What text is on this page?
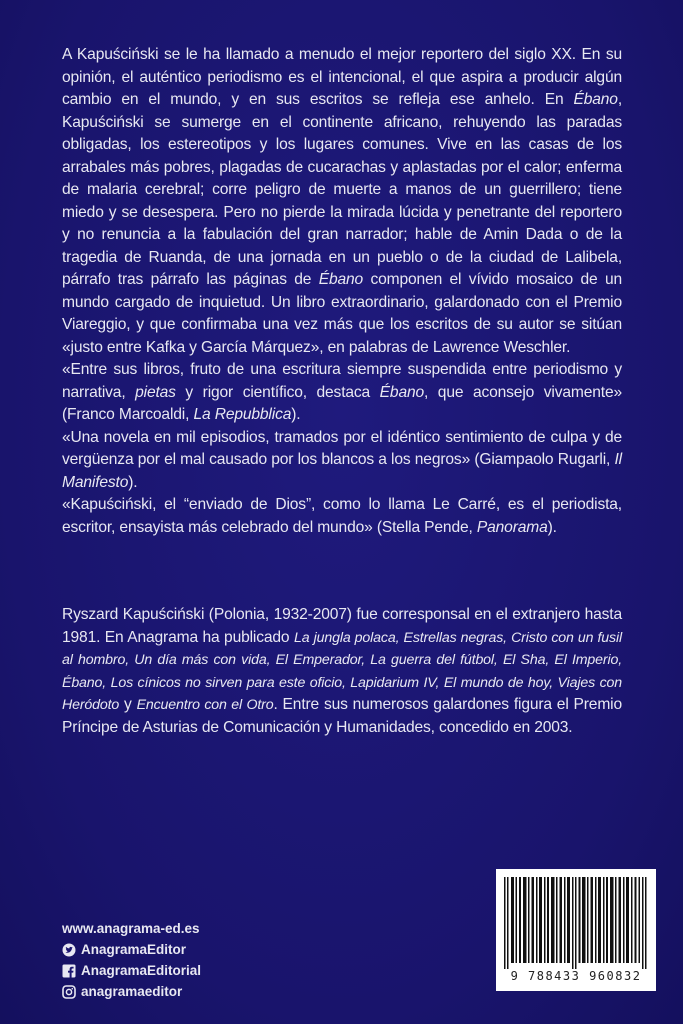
A Kapuściński se le ha llamado a menudo el mejor reportero del siglo XX. En su opinión, el auténtico periodismo es el intencional, el que aspira a producir algún cambio en el mundo, y en sus escritos se refleja ese anhelo. En Ébano, Kapuściński se sumerge en el continente africano, rehuyendo las paradas obligadas, los estereotipos y los lugares comunes. Vive en las casas de los arrabales más pobres, plagadas de cucarachas y aplastadas por el calor; enferma de malaria cerebral; corre peligro de muerte a manos de un guerrillero; tiene miedo y se desespera. Pero no pierde la mirada lúcida y penetrante del reportero y no renuncia a la fabulación del gran narrador; hable de Amin Dada o de la tragedia de Ruanda, de una jornada en un pueblo o de la ciudad de Lalibela, párrafo tras párrafo las páginas de Ébano componen el vívido mosaico de un mundo cargado de inquietud. Un libro extraordinario, galardonado con el Premio Viareggio, y que confirmaba una vez más que los escritos de su autor se sitúan «justo entre Kafka y García Márquez», en palabras de Lawrence Weschler.

«Entre sus libros, fruto de una escritura siempre suspendida entre periodismo y narrativa, pietas y rigor científico, destaca Ébano, que aconsejo vivamente» (Franco Marcoaldi, La Repubblica).

«Una novela en mil episodios, tramados por el idéntico sentimiento de culpa y de vergüenza por el mal causado por los blancos a los negros» (Giampaolo Rugarli, Il Manifesto).

«Kapuściński, el “enviado de Dios”, como lo llama Le Carré, es el periodista, escritor, ensayista más celebrado del mundo» (Stella Pende, Panorama).

Ryszard Kapuściński (Polonia, 1932-2007) fue corresponsal en el extranjero hasta 1981. En Anagrama ha publicado La jungla polaca, Estrellas negras, Cristo con un fusil al hombro, Un día más con vida, El Emperador, La guerra del fútbol, El Sha, El Imperio, Ébano, Los cínicos no sirven para este oficio, Lapidarium IV, El mundo de hoy, Viajes con Heródoto y Encuentro con el Otro. Entre sus numerosos galardones figura el Premio Príncipe de Asturias de Comunicación y Humanidades, concedido en 2003.

www.anagrama-ed.es
AnagramaEditor
AnagramaEditorial
anagramaeditor
9 788433 960832
